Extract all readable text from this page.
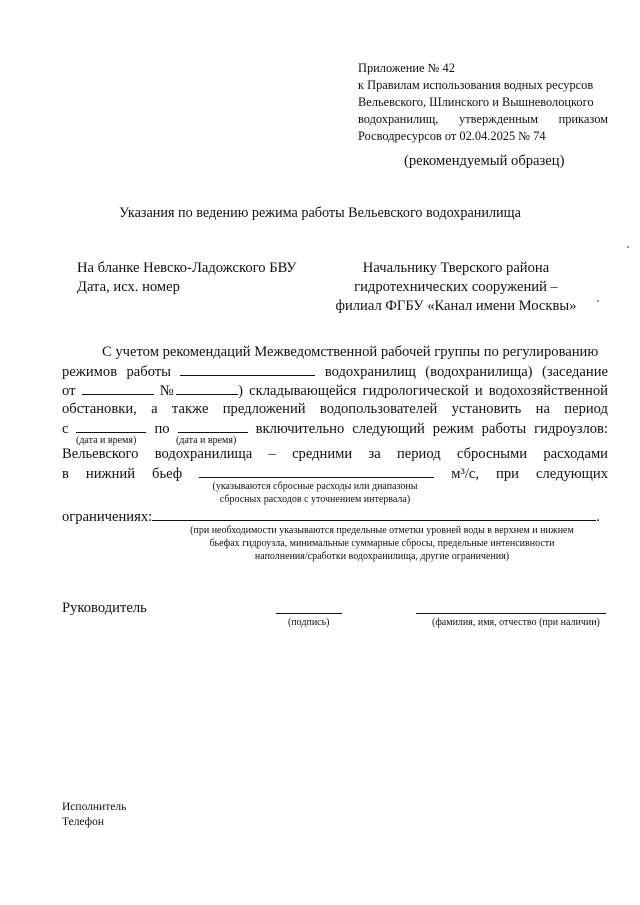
Приложение № 42
к Правилам использования водных ресурсов
Вельевского, Шлинского и Вышневолоцкого
водохранилищ, утвержденным приказом
Росводресурсов от 02.04.2025 № 74
(рекомендуемый образец)
Указания по ведению режима работы Вельевского водохранилища
На бланке Невско-Ладожского БВУ
Дата, исх. номер
Начальнику Тверского района
гидротехнических сооружений –
филиал ФГБУ «Канал имени Москвы»
С учетом рекомендаций Межведомственной рабочей группы по регулированию
режимов работы	водохранилищ (водохранилища) (заседание
от	№	) складывающейся гидрологической и водохозяйственной
обстановки, а также предложений водопользователей установить на период
с	по	включительно следующий режим работы гидроузлов:
(дата и время)	(дата и время)
Вельевского водохранилища – средними за период сбросными расходами
в нижний бьеф	м³/с, при следующих
(указываются сбросные расходы или диапазоны
сбросных расходов с уточнением интервала)
ограничениях:	.
(при необходимости указываются предельные отметки уровней воды в верхнем и нижнем
бьефах гидроузла, минимальные суммарные сбросы, предельные интенсивности
наполнения/сработки водохранилища, другие ограничения)
Руководитель
(подпись)	(фамилия, имя, отчество (при наличии)
Исполнитель
Телефон
